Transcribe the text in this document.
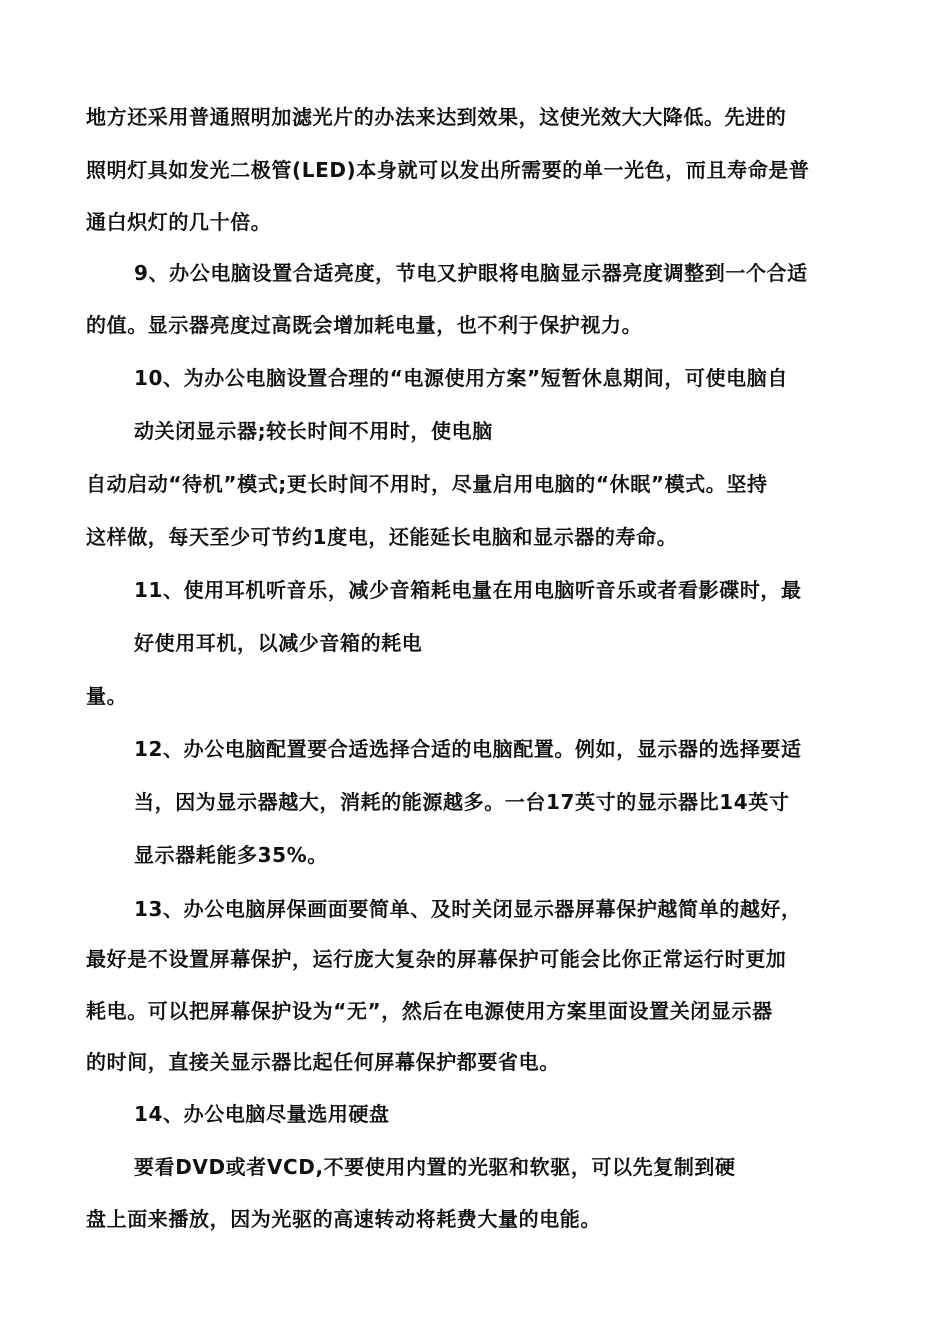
地方还采用普通照明加滤光片的办法来达到效果，这使光效大大降低。先进的
照明灯具如发光二极管(LED)本身就可以发出所需要的单一光色，而且寿命是普
通白炽灯的几十倍。
9、办公电脑设置合适亮度，节电又护眼将电脑显示器亮度调整到一个合适
的值。显示器亮度过高既会增加耗电量，也不利于保护视力。
10、为办公电脑设置合理的“电源使用方案”短暂休息期间，可使电脑自
动关闭显示器;较长时间不用时，使电脑
自动启动“待机”模式;更长时间不用时，尽量启用电脑的“休眠”模式。坚持
这样做，每天至少可节约1度电，还能延长电脑和显示器的寿命。
11、使用耳机听音乐，减少音箱耗电量在用电脑听音乐或者看影碟时，最
好使用耳机，以减少音箱的耗电
量。
12、办公电脑配置要合适选择合适的电脑配置。例如，显示器的选择要适
当，因为显示器越大，消耗的能源越多。一台17英寸的显示器比14英寸
显示器耗能多35%。
13、办公电脑屏保画面要简单、及时关闭显示器屏幕保护越简单的越好，
最好是不设置屏幕保护，运行庞大复杂的屏幕保护可能会比你正常运行时更加
耗电。可以把屏幕保护设为“无”，然后在电源使用方案里面设置关闭显示器
的时间，直接关显示器比起任何屏幕保护都要省电。
14、办公电脑尽量选用硬盘
要看DVD或者VCD,不要使用内置的光驱和软驱，可以先复制到硬
盘上面来播放，因为光驱的高速转动将耗费大量的电能。
